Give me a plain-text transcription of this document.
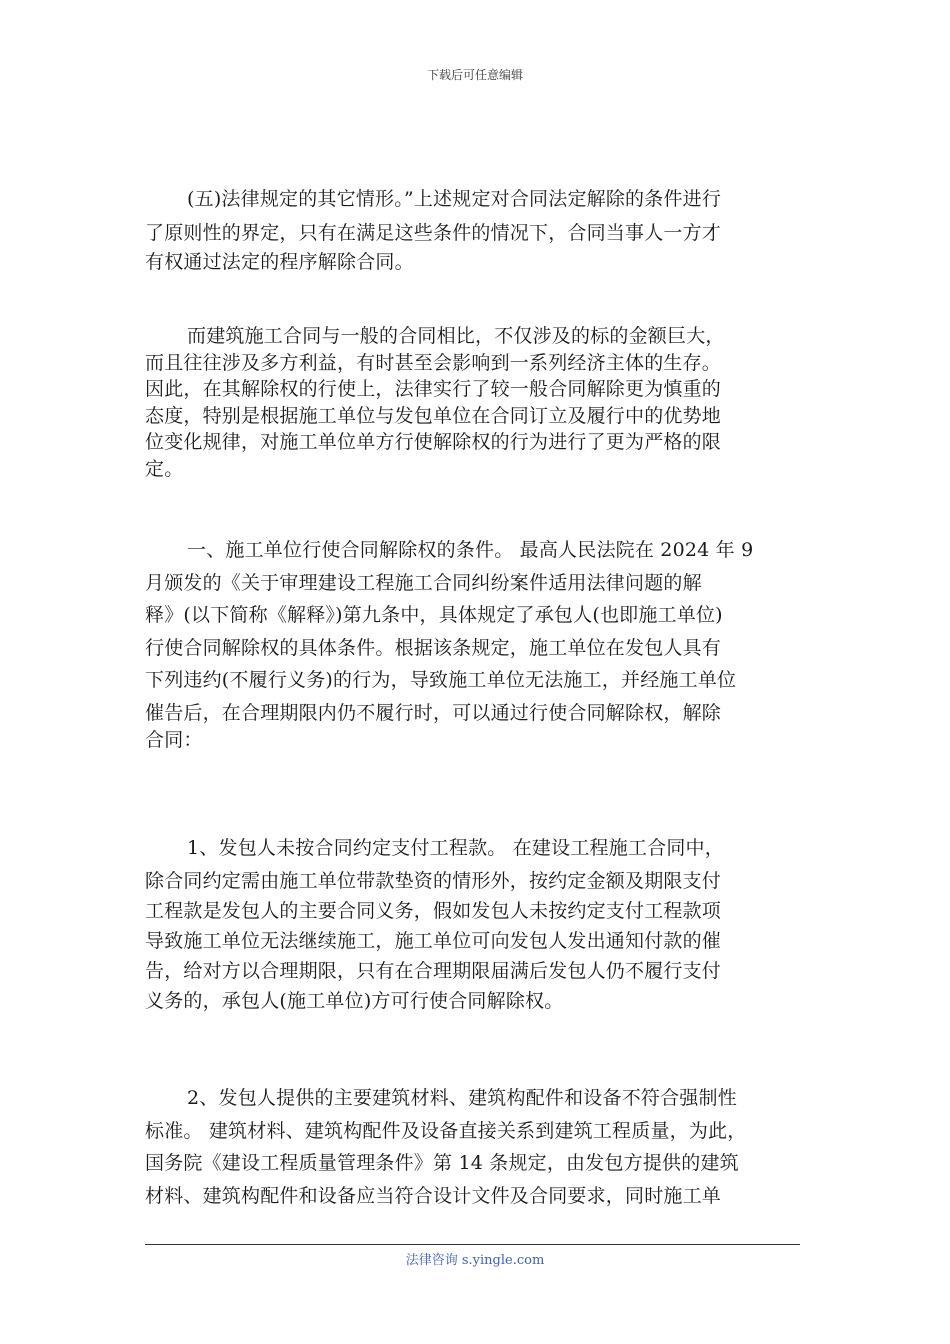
下载后可任意编辑

(五)法律规定的其它情形。”上述规定对合同法定解除的条件进行
了原则性的界定，只有在满足这些条件的情况下，合同当事人一方才
有权通过法定的程序解除合同。

而建筑施工合同与一般的合同相比，不仅涉及的标的金额巨大，
而且往往涉及多方利益，有时甚至会影响到一系列经济主体的生存。
因此，在其解除权的行使上，法律实行了较一般合同解除更为慎重的
态度，特别是根据施工单位与发包单位在合同订立及履行中的优势地
位变化规律，对施工单位单方行使解除权的行为进行了更为严格的限
定。

一、施工单位行使合同解除权的条件。 最高人民法院在 2024 年 9
月颁发的《关于审理建设工程施工合同纠纷案件适用法律问题的解
释》(以下简称《解释》)第九条中，具体规定了承包人(也即施工单位)
行使合同解除权的具体条件。根据该条规定，施工单位在发包人具有
下列违约(不履行义务)的行为，导致施工单位无法施工，并经施工单位
催告后，在合理期限内仍不履行时，可以通过行使合同解除权，解除
合同：

1、发包人未按合同约定支付工程款。 在建设工程施工合同中，
除合同约定需由施工单位带款垫资的情形外，按约定金额及期限支付
工程款是发包人的主要合同义务，假如发包人未按约定支付工程款项
导致施工单位无法继续施工，施工单位可向发包人发出通知付款的催
告，给对方以合理期限，只有在合理期限届满后发包人仍不履行支付
义务的，承包人(施工单位)方可行使合同解除权。

2、发包人提供的主要建筑材料、建筑构配件和设备不符合强制性
标准。 建筑材料、建筑构配件及设备直接关系到建筑工程质量，为此，
国务院《建设工程质量管理条件》第 14 条规定，由发包方提供的建筑
材料、建筑构配件和设备应当符合设计文件及合同要求，同时施工单

法律咨询 s.yingle.com
